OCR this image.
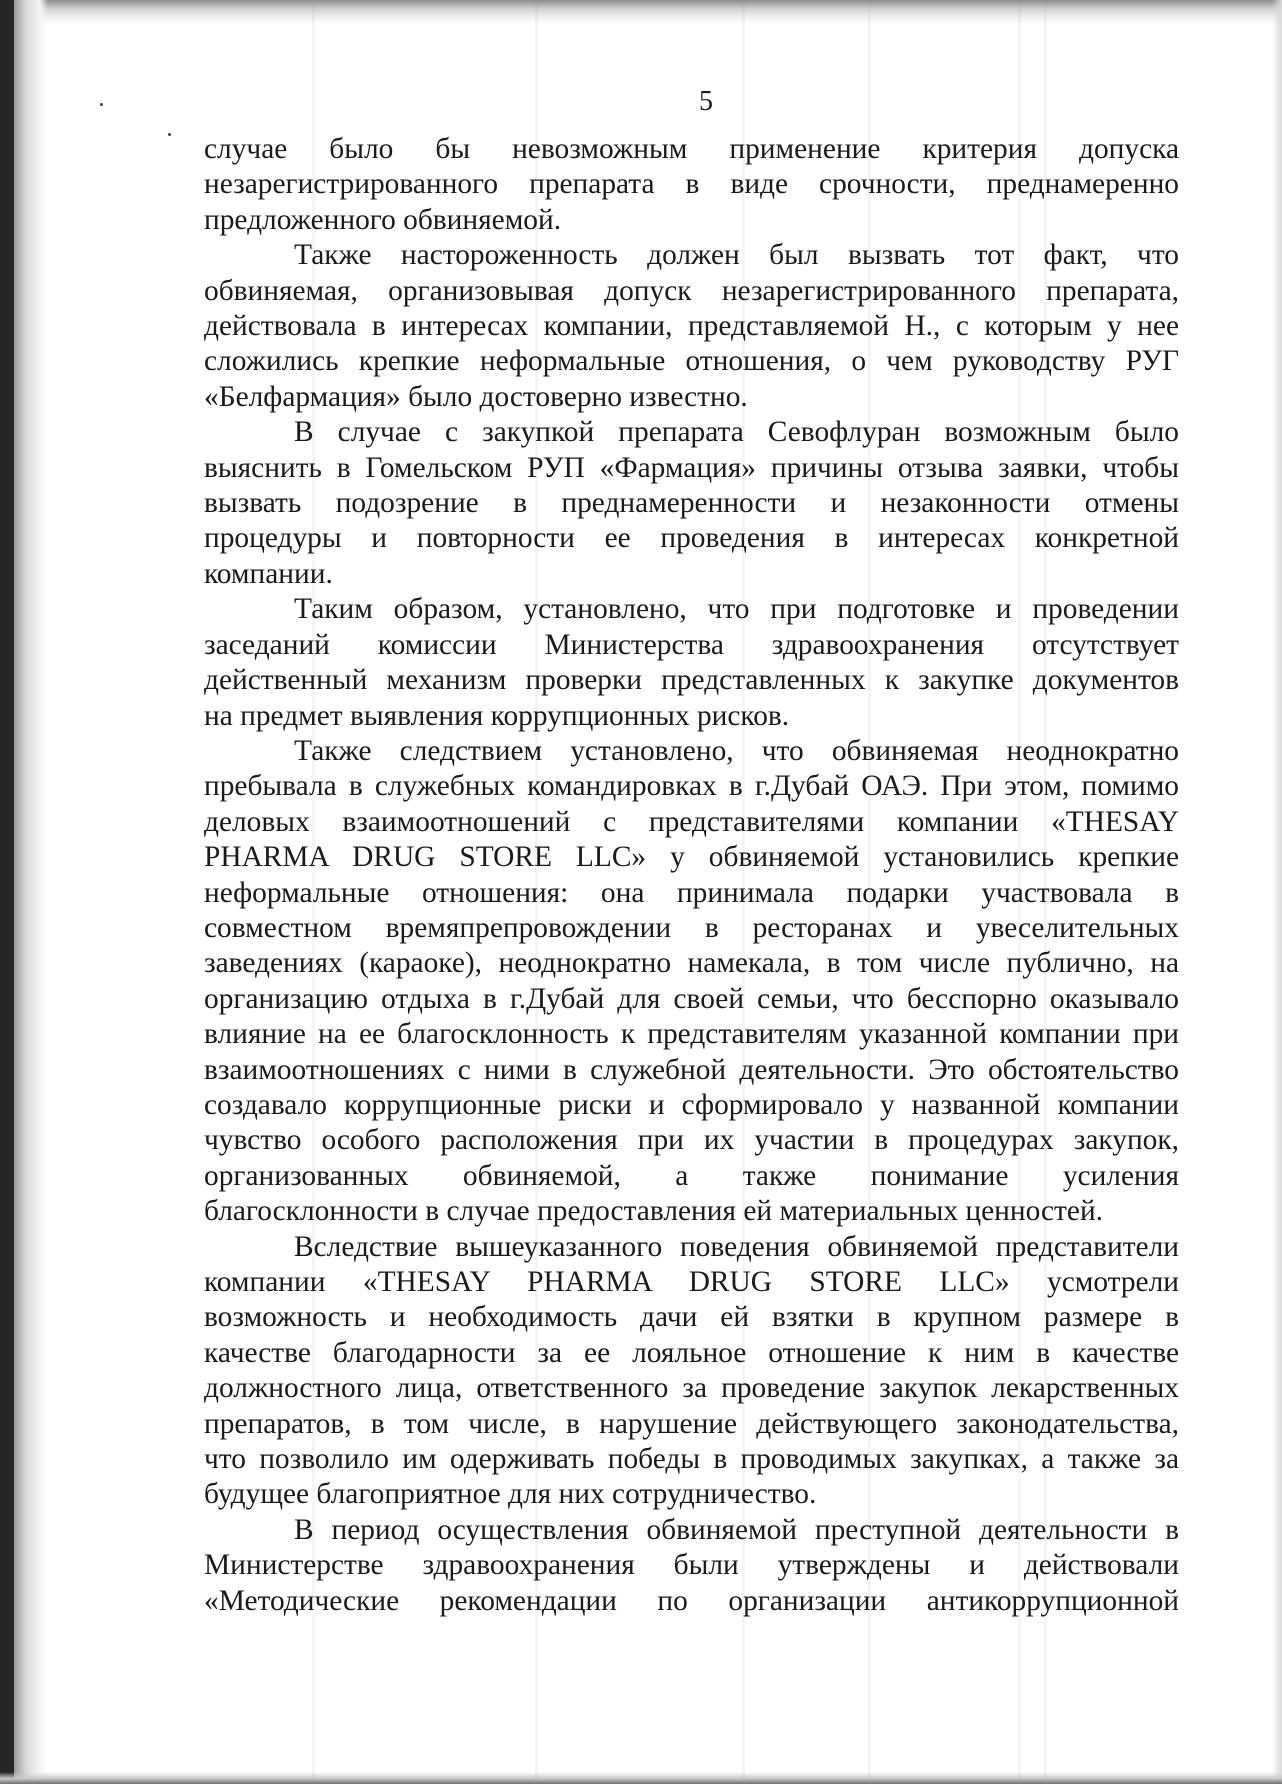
5
случае было бы невозможным применение критерия допуска
незарегистрированного препарата в виде срочности, преднамеренно
предложенного обвиняемой.
Также настороженность должен был вызвать тот факт, что
обвиняемая, организовывая допуск незарегистрированного препарата,
действовала в интересах компании, представляемой Н., с которым у нее
сложились крепкие неформальные отношения, о чем руководству РУГ
«Белфармация» было достоверно известно.
В случае с закупкой препарата Севофлуран возможным было
выяснить в Гомельском РУП «Фармация» причины отзыва заявки, чтобы
вызвать подозрение в преднамеренности и незаконности отмены
процедуры и повторности ее проведения в интересах конкретной
компании.
Таким образом, установлено, что при подготовке и проведении
заседаний комиссии Министерства здравоохранения отсутствует
действенный механизм проверки представленных к закупке документов
на предмет выявления коррупционных рисков.
Также следствием установлено, что обвиняемая неоднократно
пребывала в служебных командировках в г.Дубай ОАЭ. При этом, помимо
деловых взаимоотношений с представителями компании «THESAY
PHARMA DRUG STORE LLC» у обвиняемой установились крепкие
неформальные отношения: она принимала подарки участвовала в
совместном времяпрепровождении в ресторанах и увеселительных
заведениях (караоке), неоднократно намекала, в том числе публично, на
организацию отдыха в г.Дубай для своей семьи, что бесспорно оказывало
влияние на ее благосклонность к представителям указанной компании при
взаимоотношениях с ними в служебной деятельности. Это обстоятельство
создавало коррупционные риски и сформировало у названной компании
чувство особого расположения при их участии в процедурах закупок,
организованных обвиняемой, а также понимание усиления
благосклонности в случае предоставления ей материальных ценностей.
Вследствие вышеуказанного поведения обвиняемой представители
компании «THESAY PHARMA DRUG STORE LLC» усмотрели
возможность и необходимость дачи ей взятки в крупном размере в
качестве благодарности за ее лояльное отношение к ним в качестве
должностного лица, ответственного за проведение закупок лекарственных
препаратов, в том числе, в нарушение действующего законодательства,
что позволило им одерживать победы в проводимых закупках, а также за
будущее благоприятное для них сотрудничество.
В период осуществления обвиняемой преступной деятельности в
Министерстве здравоохранения были утверждены и действовали
«Методические рекомендации по организации антикоррупционной
